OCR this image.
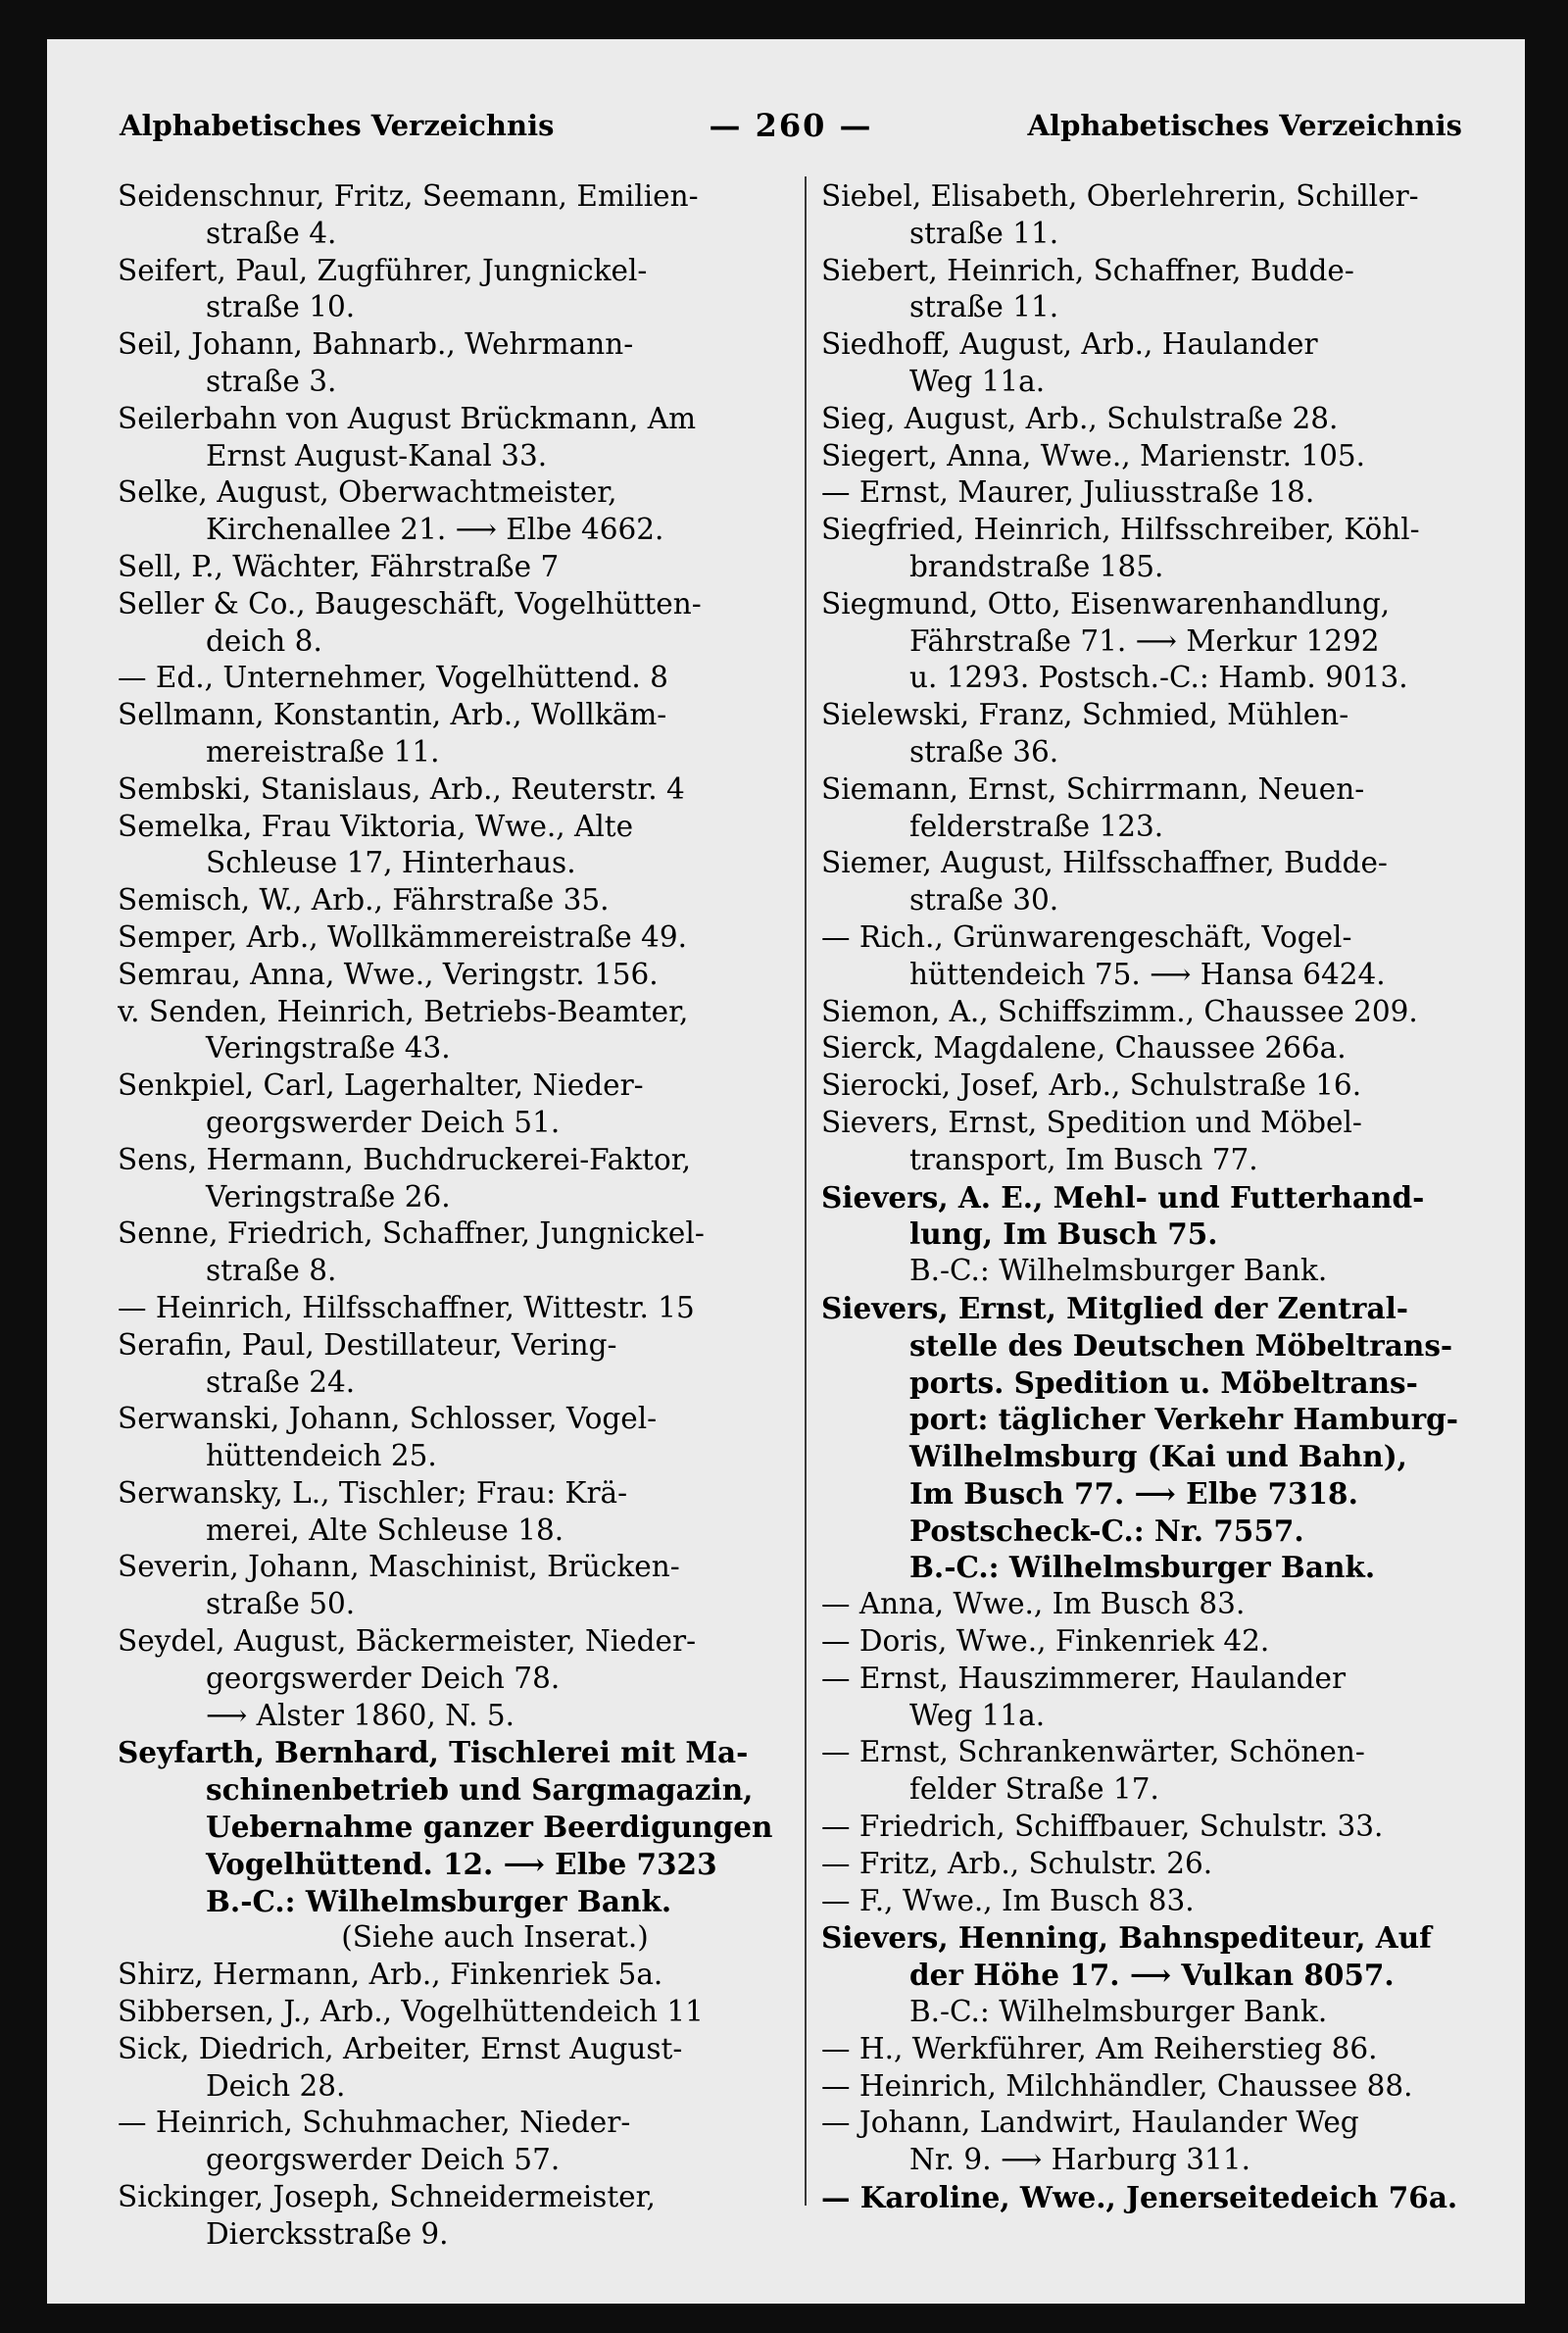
Alphabetisches Verzeichnis	— 260 —	Alphabetisches Verzeichnis
Seidenschnur, Fritz, Seemann, Emilien-
straße 4.
Seifert, Paul, Zugführer, Jungnickel-
straße 10.
Seil, Johann, Bahnarb., Wehrmann-
straße 3.
Seilerbahn von August Brückmann, Am
Ernst August-Kanal 33.
Selke, August, Oberwachtmeister,
Kirchenallee 21. ⟶ Elbe 4662.
Sell, P., Wächter, Fährstraße 7
Seller & Co., Baugeschäft, Vogelhütten-
deich 8.
— Ed., Unternehmer, Vogelhüttend. 8
Sellmann, Konstantin, Arb., Wollkäm-
mereistraße 11.
Sembski, Stanislaus, Arb., Reuterstr. 4
Semelka, Frau Viktoria, Wwe., Alte
Schleuse 17, Hinterhaus.
Semisch, W., Arb., Fährstraße 35.
Semper, Arb., Wollkämmereistraße 49.
Semrau, Anna, Wwe., Veringstr. 156.
v. Senden, Heinrich, Betriebs-Beamter,
Veringstraße 43.
Senkpiel, Carl, Lagerhalter, Nieder-
georgswerder Deich 51.
Sens, Hermann, Buchdruckerei-Faktor,
Veringstraße 26.
Senne, Friedrich, Schaffner, Jungnickel-
straße 8.
— Heinrich, Hilfsschaffner, Wittestr. 15
Serafin, Paul, Destillateur, Vering-
straße 24.
Serwanski, Johann, Schlosser, Vogel-
hüttendeich 25.
Serwansky, L., Tischler; Frau: Krä-
merei, Alte Schleuse 18.
Severin, Johann, Maschinist, Brücken-
straße 50.
Seydel, August, Bäckermeister, Nieder-
georgswerder Deich 78.
⟶ Alster 1860, N. 5.
Seyfarth, Bernhard, Tischlerei mit Ma-
schinenbetrieb und Sargmagazin,
Uebernahme ganzer Beerdigungen
Vogelhüttend. 12. ⟶ Elbe 7323
B.-C.: Wilhelmsburger Bank.
(Siehe auch Inserat.)
Shirz, Hermann, Arb., Finkenriek 5a.
Sibbersen, J., Arb., Vogelhüttendeich 11
Sick, Diedrich, Arbeiter, Ernst August-
Deich 28.
— Heinrich, Schuhmacher, Nieder-
georgswerder Deich 57.
Sickinger, Joseph, Schneidermeister,
Diercksstraße 9.
Siebel, Elisabeth, Oberlehrerin, Schiller-
straße 11.
Siebert, Heinrich, Schaffner, Budde-
straße 11.
Siedhoff, August, Arb., Haulander
Weg 11a.
Sieg, August, Arb., Schulstraße 28.
Siegert, Anna, Wwe., Marienstr. 105.
— Ernst, Maurer, Juliusstraße 18.
Siegfried, Heinrich, Hilfsschreiber, Köhl-
brandstraße 185.
Siegmund, Otto, Eisenwarenhandlung,
Fährstraße 71. ⟶ Merkur 1292
u. 1293. Postsch.-C.: Hamb. 9013.
Sielewski, Franz, Schmied, Mühlen-
straße 36.
Siemann, Ernst, Schirrmann, Neuen-
felderstraße 123.
Siemer, August, Hilfsschaffner, Budde-
straße 30.
— Rich., Grünwarengeschäft, Vogel-
hüttendeich 75. ⟶ Hansa 6424.
Siemon, A., Schiffszimm., Chaussee 209.
Sierck, Magdalene, Chaussee 266a.
Sierocki, Josef, Arb., Schulstraße 16.
Sievers, Ernst, Spedition und Möbel-
transport, Im Busch 77.
Sievers, A. E., Mehl- und Futterhand-
lung, Im Busch 75.
B.-C.: Wilhelmsburger Bank.
Sievers, Ernst, Mitglied der Zentral-
stelle des Deutschen Möbeltrans-
ports. Spedition u. Möbeltrans-
port: täglicher Verkehr Hamburg-
Wilhelmsburg (Kai und Bahn),
Im Busch 77. ⟶ Elbe 7318.
Postscheck-C.: Nr. 7557.
B.-C.: Wilhelmsburger Bank.
— Anna, Wwe., Im Busch 83.
— Doris, Wwe., Finkenriek 42.
— Ernst, Hauszimmerer, Haulander
Weg 11a.
— Ernst, Schrankenwärter, Schönen-
felder Straße 17.
— Friedrich, Schiffbauer, Schulstr. 33.
— Fritz, Arb., Schulstr. 26.
— F., Wwe., Im Busch 83.
Sievers, Henning, Bahnspediteur, Auf
der Höhe 17. ⟶ Vulkan 8057.
B.-C.: Wilhelmsburger Bank.
— H., Werkführer, Am Reiherstieg 86.
— Heinrich, Milchhändler, Chaussee 88.
— Johann, Landwirt, Haulander Weg
Nr. 9. ⟶ Harburg 311.
— Karoline, Wwe., Jenerseitedeich 76a.
